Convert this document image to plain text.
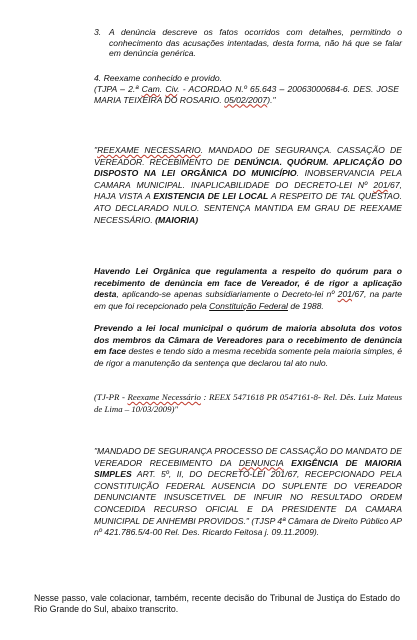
3. A denúncia descreve os fatos ocorridos com detalhes, permitindo o conhecimento das acusações intentadas, desta forma, não há que se falar em denúncia genérica.
4. Reexame conhecido e provido.
(TJPA – 2.ª Cam. Civ. - ACORDAO N.º 65.643 – 20063000684-6. DES. JOSE MARIA TEIXEIRA DO ROSARIO. 05/02/2007)."
"REEXAME NECESSARIO. MANDADO DE SEGURANÇA. CASSAÇÃO DE VEREADOR. RECEBIMENTO DE DENÚNCIA. QUÓRUM. APLICAÇÃO DO DISPOSTO NA LEI ORGÂNICA DO MUNICÍPIO. INOBSERVANCIA PELA CAMARA MUNICIPAL. INAPLICABILIDADE DO DECRETO-LEI Nº 201/67, HAJA VISTA A EXISTENCIA DE LEI LOCAL A RESPEITO DE TAL QUESTAO. ATO DECLARADO NULO. SENTENÇA MANTIDA EM GRAU DE REEXAME NECESSÁRIO. (MAIORIA)
Havendo Lei Orgânica que regulamenta a respeito do quórum para o recebimento de denúncia em face de Vereador, é de rigor a aplicação desta, aplicando-se apenas subsidiariamente o Decreto-lei nº 201/67, na parte em que foi recepcionado pela Constituição Federal de 1988.
Prevendo a lei local municipal o quórum de maioria absoluta dos votos dos membros da Câmara de Vereadores para o recebimento de denúncia em face destes e tendo sido a mesma recebida somente pela maioria simples, é de rigor a manutenção da sentença que declarou tal ato nulo.
(TJ-PR - Reexame Necessário : REEX 5471618 PR 0547161-8- Rel. Dês. Luiz Mateus de Lima – 10/03/2009)"
"MANDADO DE SEGURANÇA PROCESSO DE CASSAÇÃO DO MANDATO DE VEREADOR RECEBIMENTO DA DENUNCIA EXIGÊNCIA DE MAIORIA SIMPLES ART. 5º, II, DO DECRETO-LEI 201/67, RECEPCIONADO PELA CONSTITUIÇÃO FEDERAL AUSENCIA DO SUPLENTE DO VEREADOR DENUNCIANTE INSUSCETIVEL DE INFUIR NO RESULTADO ORDEM CONCEDIDA RECURSO OFICIAL E DA PRESIDENTE DA CAMARA MUNICIPAL DE ANHEMBI PROVIDOS." (TJSP 4ª Câmara de Direito Público AP nº 421.786.5/4-00 Rel. Des. Ricardo Feitosa j. 09.11.2009).
Nesse passo, vale colacionar, também, recente decisão do Tribunal de Justiça do Estado do Rio Grande do Sul, abaixo transcrito.
